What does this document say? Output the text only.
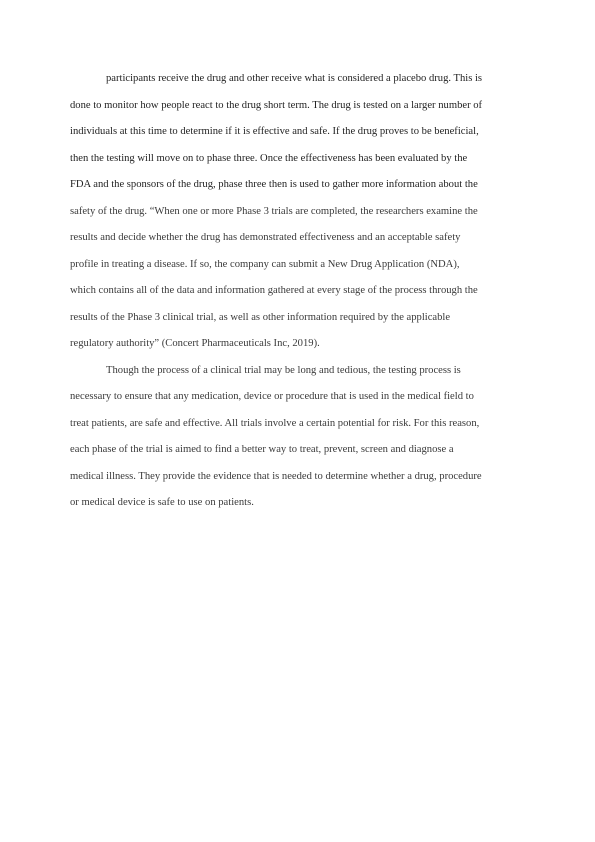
participants receive the drug and other receive what is considered a placebo drug. This is
done to monitor how people react to the drug short term. The drug is tested on a larger number of
individuals at this time to determine if it is effective and safe. If the drug proves to be beneficial,
then the testing will move on to phase three. Once the effectiveness has been evaluated by the
FDA and the sponsors of the drug, phase three then is used to gather more information about the
safety of the drug. “When one or more Phase 3 trials are completed, the researchers examine the
results and decide whether the drug has demonstrated effectiveness and an acceptable safety
profile in treating a disease. If so, the company can submit a New Drug Application (NDA),
which contains all of the data and information gathered at every stage of the process through the
results of the Phase 3 clinical trial, as well as other information required by the applicable
regulatory authority” (Concert Pharmaceuticals Inc, 2019).

Though the process of a clinical trial may be long and tedious, the testing process is
necessary to ensure that any medication, device or procedure that is used in the medical field to
treat patients, are safe and effective. All trials involve a certain potential for risk. For this reason,
each phase of the trial is aimed to find a better way to treat, prevent, screen and diagnose a
medical illness. They provide the evidence that is needed to determine whether a drug, procedure
or medical device is safe to use on patients.
